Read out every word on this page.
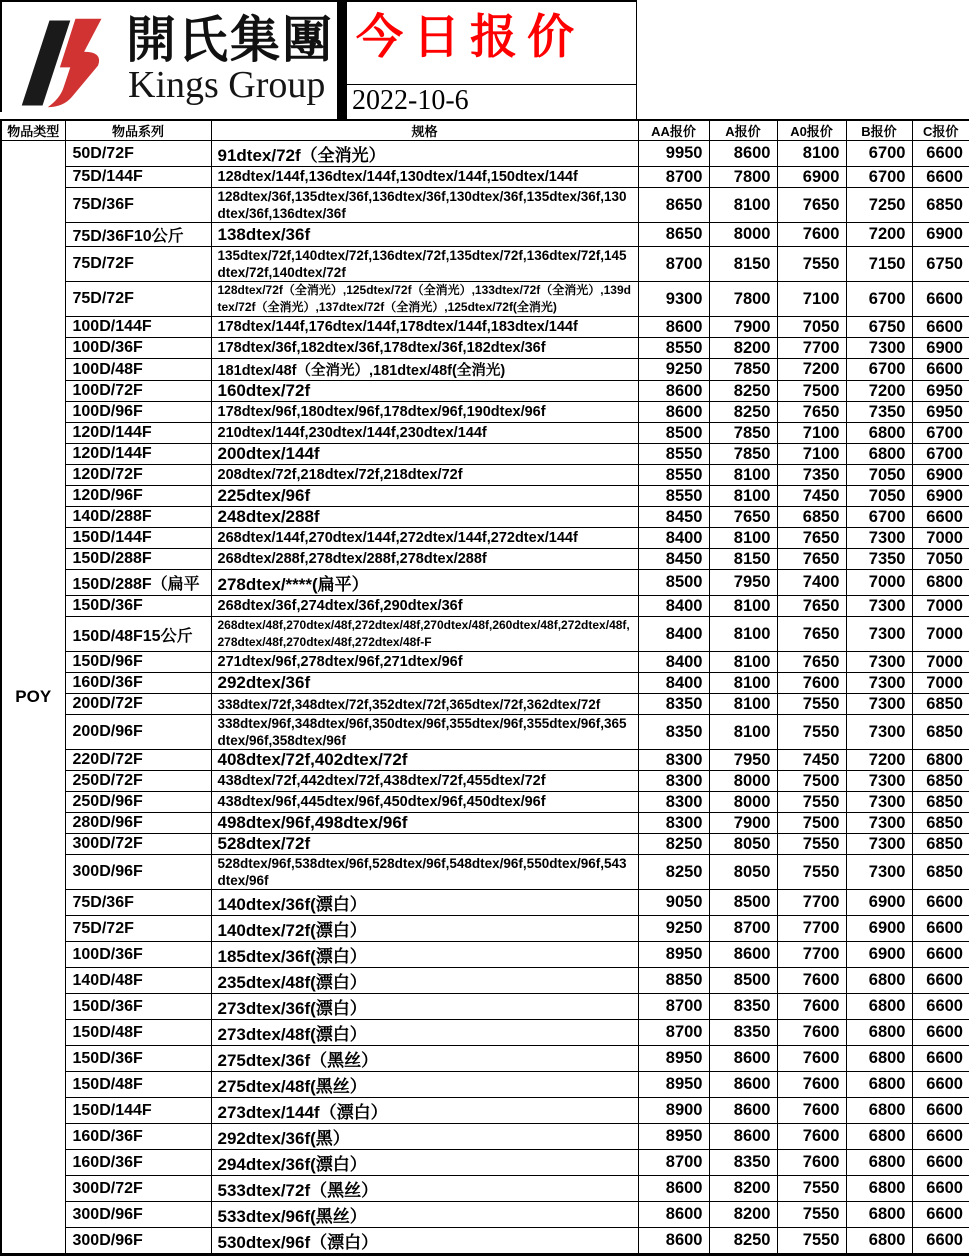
開氏集團
Kings Group
今日报价
2022-10-6
物品类型	物品系列	规格	AA报价	A报价	A0报价	B报价	C报价
POY	50D/72F	91dtex/72f（全消光）	9950	8600	8100	6700	6600
	75D/144F	128dtex/144f,136dtex/144f,130dtex/144f,150dtex/144f	8700	7800	6900	6700	6600
	75D/36F	128dtex/36f,135dtex/36f,136dtex/36f,130dtex/36f,135dtex/36f,130dtex/36f,136dtex/36f	8650	8100	7650	7250	6850
	75D/36F10公斤	138dtex/36f	8650	8000	7600	7200	6900
	75D/72F	135dtex/72f,140dtex/72f,136dtex/72f,135dtex/72f,136dtex/72f,145dtex/72f,140dtex/72f	8700	8150	7550	7150	6750
	75D/72F	128dtex/72f（全消光）,125dtex/72f（全消光）,133dtex/72f（全消光）,139dtex/72f（全消光）,137dtex/72f（全消光）,125dtex/72f(全消光)	9300	7800	7100	6700	6600
	100D/144F	178dtex/144f,176dtex/144f,178dtex/144f,183dtex/144f	8600	7900	7050	6750	6600
	100D/36F	178dtex/36f,182dtex/36f,178dtex/36f,182dtex/36f	8550	8200	7700	7300	6900
	100D/48F	181dtex/48f（全消光）,181dtex/48f(全消光)	9250	7850	7200	6700	6600
	100D/72F	160dtex/72f	8600	8250	7500	7200	6950
	100D/96F	178dtex/96f,180dtex/96f,178dtex/96f,190dtex/96f	8600	8250	7650	7350	6950
	120D/144F	210dtex/144f,230dtex/144f,230dtex/144f	8500	7850	7100	6800	6700
	120D/144F	200dtex/144f	8550	7850	7100	6800	6700
	120D/72F	208dtex/72f,218dtex/72f,218dtex/72f	8550	8100	7350	7050	6900
	120D/96F	225dtex/96f	8550	8100	7450	7050	6900
	140D/288F	248dtex/288f	8450	7650	6850	6700	6600
	150D/144F	268dtex/144f,270dtex/144f,272dtex/144f,272dtex/144f	8400	8100	7650	7300	7000
	150D/288F	268dtex/288f,278dtex/288f,278dtex/288f	8450	8150	7650	7350	7050
	150D/288F（扁平	278dtex/****(扁平）	8500	7950	7400	7000	6800
	150D/36F	268dtex/36f,274dtex/36f,290dtex/36f	8400	8100	7650	7300	7000
	150D/48F15公斤	268dtex/48f,270dtex/48f,272dtex/48f,270dtex/48f,260dtex/48f,272dtex/48f,278dtex/48f,270dtex/48f,272dtex/48f-F	8400	8100	7650	7300	7000
	150D/96F	271dtex/96f,278dtex/96f,271dtex/96f	8400	8100	7650	7300	7000
	160D/36F	292dtex/36f	8400	8100	7600	7300	7000
	200D/72F	338dtex/72f,348dtex/72f,352dtex/72f,365dtex/72f,362dtex/72f	8350	8100	7550	7300	6850
	200D/96F	338dtex/96f,348dtex/96f,350dtex/96f,355dtex/96f,355dtex/96f,365dtex/96f,358dtex/96f	8350	8100	7550	7300	6850
	220D/72F	408dtex/72f,402dtex/72f	8300	7950	7450	7200	6800
	250D/72F	438dtex/72f,442dtex/72f,438dtex/72f,455dtex/72f	8300	8000	7500	7300	6850
	250D/96F	438dtex/96f,445dtex/96f,450dtex/96f,450dtex/96f	8300	8000	7550	7300	6850
	280D/96F	498dtex/96f,498dtex/96f	8300	7900	7500	7300	6850
	300D/72F	528dtex/72f	8250	8050	7550	7300	6850
	300D/96F	528dtex/96f,538dtex/96f,528dtex/96f,548dtex/96f,550dtex/96f,543dtex/96f	8250	8050	7550	7300	6850
	75D/36F	140dtex/36f(漂白）	9050	8500	7700	6900	6600
	75D/72F	140dtex/72f(漂白）	9250	8700	7700	6900	6600
	100D/36F	185dtex/36f(漂白）	8950	8600	7700	6900	6600
	140D/48F	235dtex/48f(漂白）	8850	8500	7600	6800	6600
	150D/36F	273dtex/36f(漂白）	8700	8350	7600	6800	6600
	150D/48F	273dtex/48f(漂白）	8700	8350	7600	6800	6600
	150D/36F	275dtex/36f（黑丝）	8950	8600	7600	6800	6600
	150D/48F	275dtex/48f(黑丝）	8950	8600	7600	6800	6600
	150D/144F	273dtex/144f（漂白）	8900	8600	7600	6800	6600
	160D/36F	292dtex/36f(黑）	8950	8600	7600	6800	6600
	160D/36F	294dtex/36f(漂白）	8700	8350	7600	6800	6600
	300D/72F	533dtex/72f（黑丝）	8600	8200	7550	6800	6600
	300D/96F	533dtex/96f(黑丝）	8600	8200	7550	6800	6600
	300D/96F	530dtex/96f（漂白）	8600	8250	7550	6800	6600
